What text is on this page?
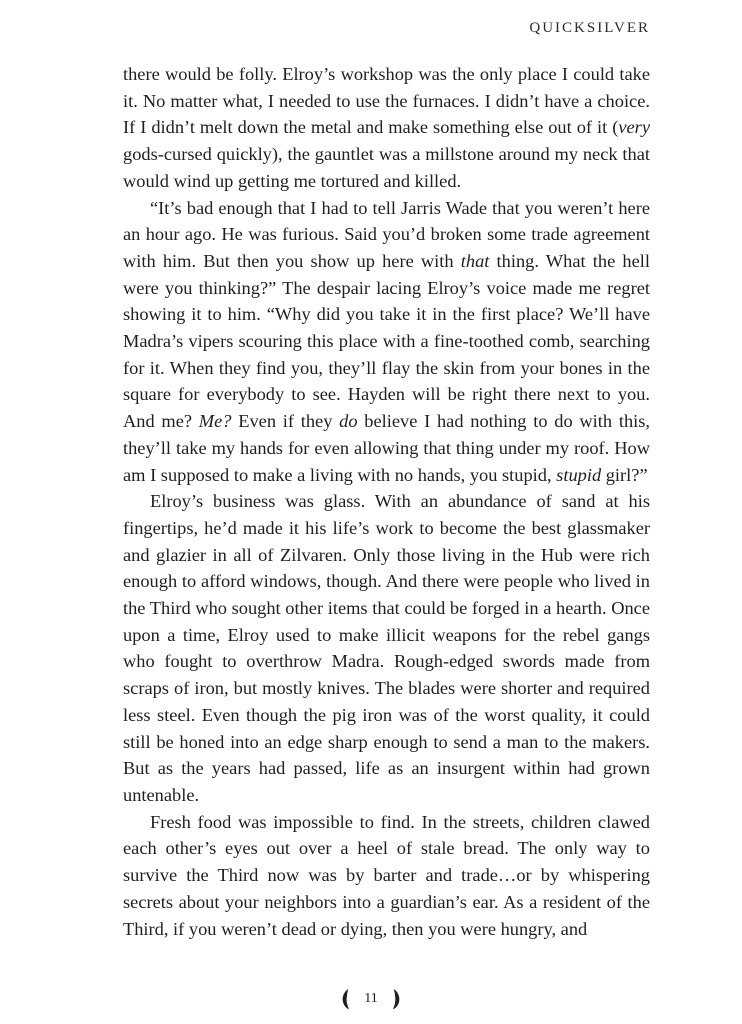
QUICKSILVER

there would be folly. Elroy’s workshop was the only place I could take it. No matter what, I needed to use the furnaces. I didn’t have a choice. If I didn’t melt down the metal and make something else out of it (very gods-cursed quickly), the gauntlet was a millstone around my neck that would wind up getting me tortured and killed.

“It’s bad enough that I had to tell Jarris Wade that you weren’t here an hour ago. He was furious. Said you’d broken some trade agreement with him. But then you show up here with that thing. What the hell were you thinking?” The despair lacing Elroy’s voice made me regret showing it to him. “Why did you take it in the first place? We’ll have Madra’s vipers scouring this place with a fine-toothed comb, searching for it. When they find you, they’ll flay the skin from your bones in the square for everybody to see. Hayden will be right there next to you. And me? Me? Even if they do believe I had nothing to do with this, they’ll take my hands for even allowing that thing under my roof. How am I supposed to make a living with no hands, you stupid, stupid girl?”

Elroy’s business was glass. With an abundance of sand at his fingertips, he’d made it his life’s work to become the best glassmaker and glazier in all of Zilvaren. Only those living in the Hub were rich enough to afford windows, though. And there were people who lived in the Third who sought other items that could be forged in a hearth. Once upon a time, Elroy used to make illicit weapons for the rebel gangs who fought to overthrow Madra. Rough-edged swords made from scraps of iron, but mostly knives. The blades were shorter and required less steel. Even though the pig iron was of the worst quality, it could still be honed into an edge sharp enough to send a man to the makers. But as the years had passed, life as an insurgent within had grown untenable.

Fresh food was impossible to find. In the streets, children clawed each other’s eyes out over a heel of stale bread. The only way to survive the Third now was by barter and trade…or by whispering secrets about your neighbors into a guardian’s ear. As a resident of the Third, if you weren’t dead or dying, then you were hungry, and

11
